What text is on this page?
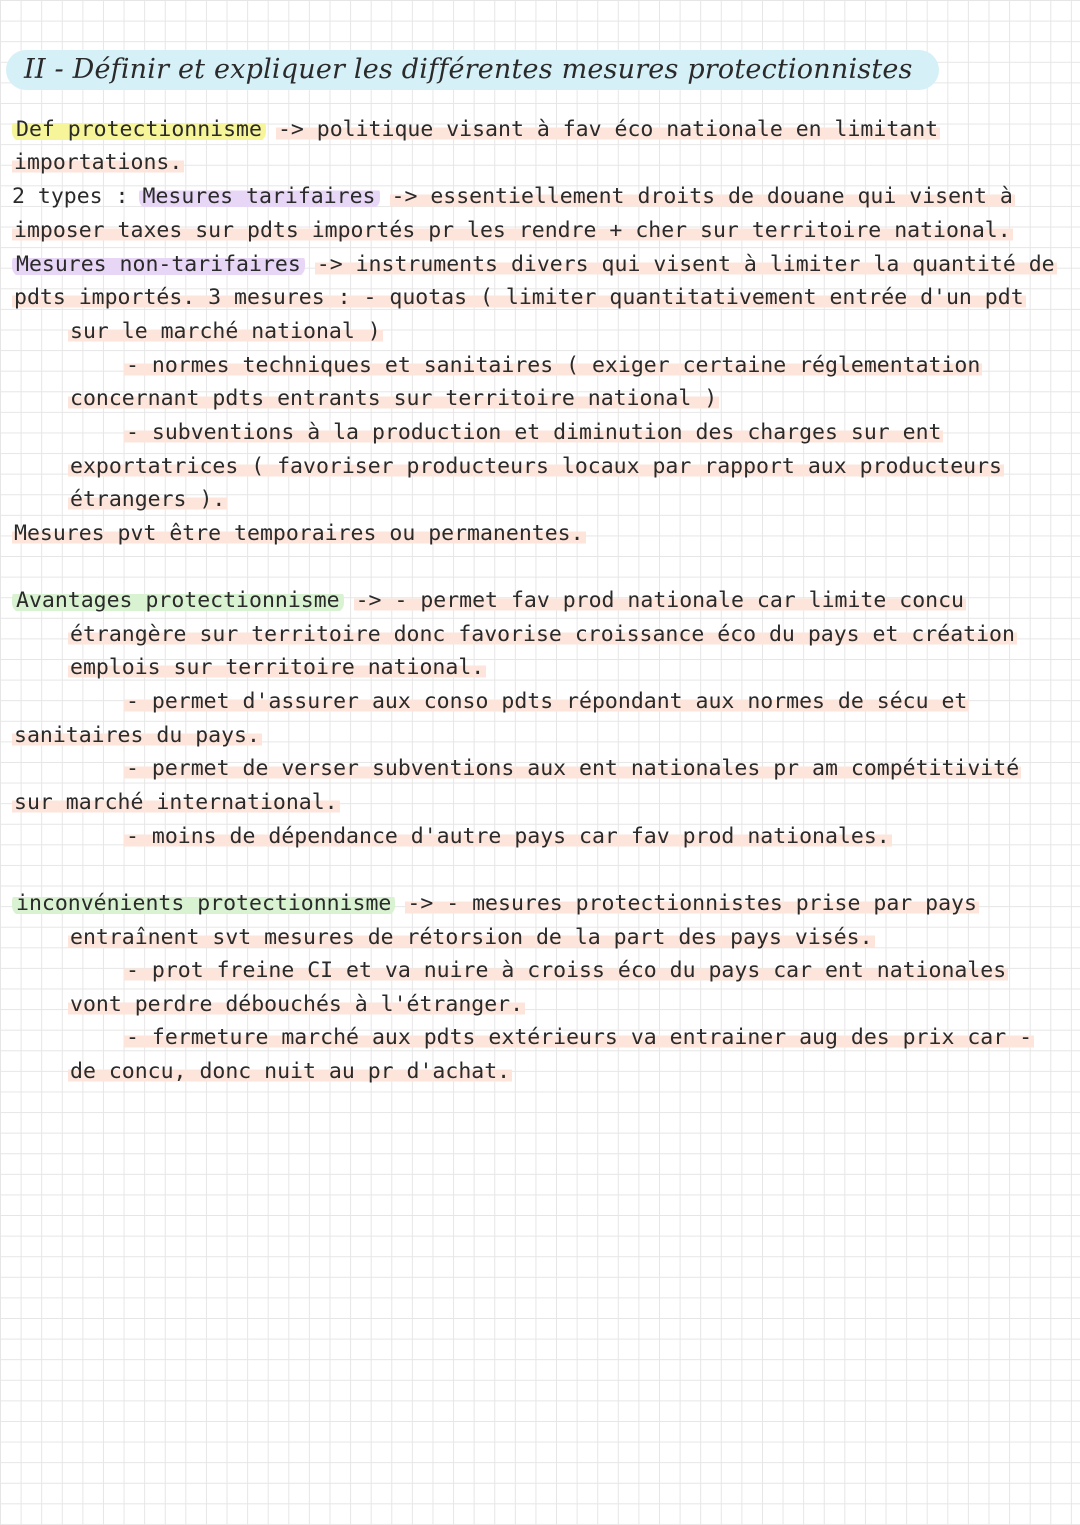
II - Définir et expliquer les différentes mesures protectionnistes
Def protectionnisme -> politique visant à fav éco nationale en limitant
importations.
2 types : Mesures tarifaires -> essentiellement droits de douane qui visent à
imposer taxes sur pdts importés pr les rendre + cher sur territoire national.
Mesures non-tarifaires -> instruments divers qui visent à limiter la quantité de
pdts importés. 3 mesures : - quotas ( limiter quantitativement entrée d'un pdt
sur le marché national )
- normes techniques et sanitaires ( exiger certaine réglementation
concernant pdts entrants sur territoire national )
- subventions à la production et diminution des charges sur ent
exportatrices ( favoriser producteurs locaux par rapport aux producteurs
étrangers ).
Mesures pvt être temporaires ou permanentes.
Avantages protectionnisme -> - permet fav prod nationale car limite concu
étrangère sur territoire donc favorise croissance éco du pays et création
emplois sur territoire national.
- permet d'assurer aux conso pdts répondant aux normes de sécu et
sanitaires du pays.
- permet de verser subventions aux ent nationales pr am compétitivité
sur marché international.
- moins de dépendance d'autre pays car fav prod nationales.
inconvénients protectionnisme -> - mesures protectionnistes prise par pays
entraînent svt mesures de rétorsion de la part des pays visés.
- prot freine CI et va nuire à croiss éco du pays car ent nationales
vont perdre débouchés à l'étranger.
- fermeture marché aux pdts extérieurs va entrainer aug des prix car -
de concu, donc nuit au pr d'achat.
